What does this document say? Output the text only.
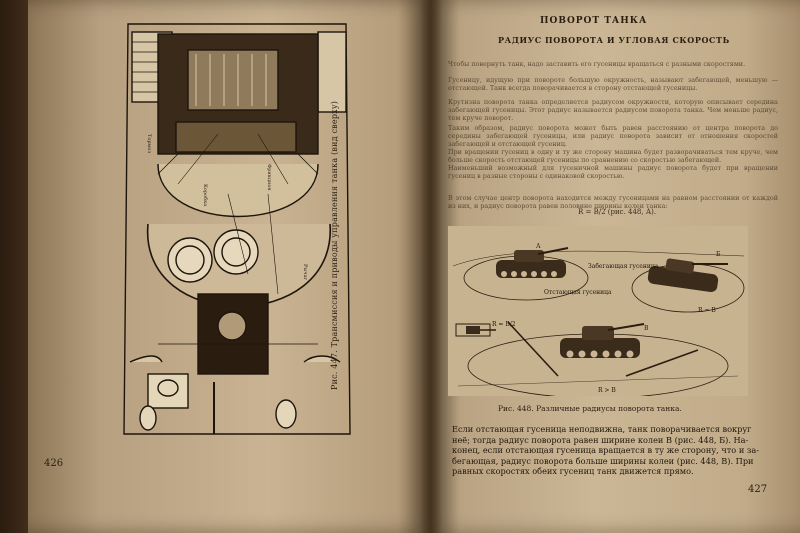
Тормоз
Коробка
Фрикцион
Рычаг	Рис. 447. Трансмиссия и приводы управления танка (вид сверху)
426
ПОВОРОТ ТАНКА
РАДИУС ПОВОРОТА И УГЛОВАЯ СКОРОСТЬ
Чтобы повернуть танк, надо заставить его гусеницы вращаться с разными скоростями.
Гусеницу, идущую при повороте большую окружность, называют забегающей, меньшую — отстающей. Танк всегда поворачивается в сторону отстающей гусеницы.
Крутизна поворота танка определяется радиусом окружности, которую описывает середина забегающей гусеницы. Этот радиус называется радиусом поворота танка. Чем меньше радиус, тем круче поворот.
Таким образом, радиус поворота может быть равен расстоянию от центра поворота до середины забегающей гусеницы, или радиус поворота зависит от отношения скоростей забегающей и отстающей гусениц.
При вращении гусениц в одну и ту же сторону машина будет разворачиваться тем круче, чем больше скорость отстающей гусеницы по сравнению со скоростью забегающей.
Наименьший возможный для гусеничной машины радиус поворота будет при вращении гусениц в разные стороны с одинаковой скоростью.
В этом случае центр поворота находится между гусеницами на равном расстоянии от каждой из них, и радиус поворота равен половине ширины колеи танка:
R = B/2 (рис. 448, А).
А
Б
В
Отстающая гусеница
Забегающая гусеница
R = B/2
R = B
R > B
Рис. 448. Различные радиусы поворота танка.
Если отстающая гусеница неподвижна, танк поворачивается вокруг
неё; тогда радиус поворота равен ширине колеи В (рис. 448, Б). На-
конец, если отстающая гусеница вращается в ту же сторону, что и за-
бегающая, радиус поворота больше ширины колеи (рис. 448, В). При
равных скоростях обеих гусениц танк движется прямо.
427
